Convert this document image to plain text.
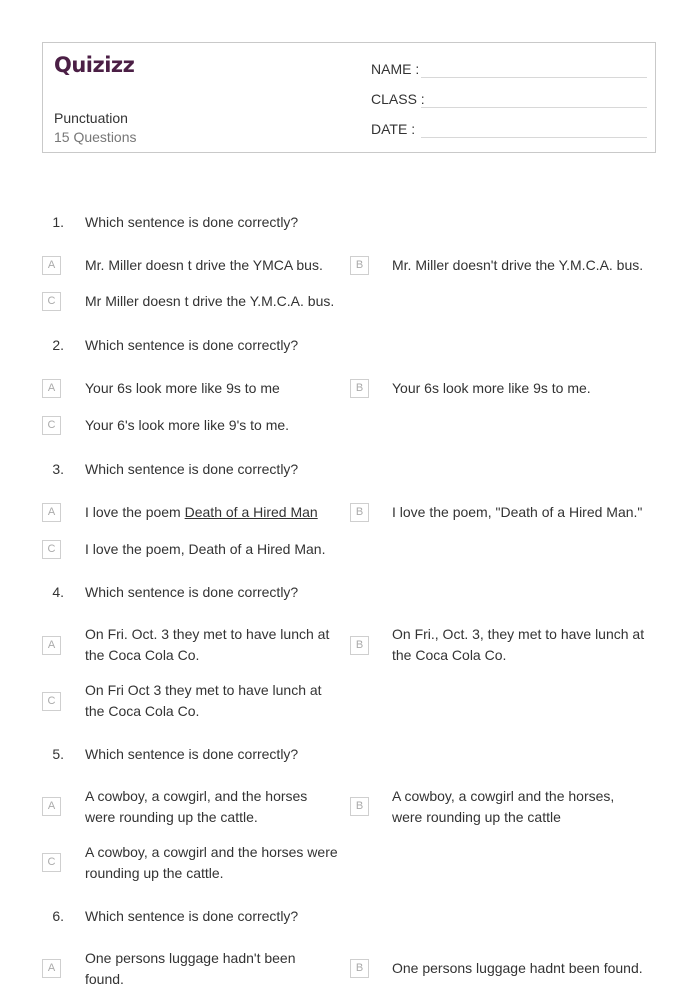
Quizizz
Punctuation
15 Questions
NAME :
CLASS :
DATE :
1. Which sentence is done correctly?
A	Mr. Miller doesn t drive the YMCA bus.	B	Mr. Miller doesn't drive the Y.M.C.A. bus.
C	Mr Miller doesn t drive the Y.M.C.A. bus.
2. Which sentence is done correctly?
A	Your 6s look more like 9s to me	B	Your 6s look more like 9s to me.
C	Your 6's look more like 9's to me.
3. Which sentence is done correctly?
A	I love the poem Death of a Hired Man	B	I love the poem, "Death of a Hired Man."
C	I love the poem, Death of a Hired Man.
4. Which sentence is done correctly?
A
On Fri. Oct. 3 they met to have lunch at the Coca Cola Co.
B
On Fri., Oct. 3, they met to have lunch at the Coca Cola Co.
C
On Fri Oct 3 they met to have lunch at the Coca Cola Co.
5. Which sentence is done correctly?
A
A cowboy, a cowgirl, and the horses were rounding up the cattle.
B
A cowboy, a cowgirl and the horses, were rounding up the cattle
C
A cowboy, a cowgirl and the horses were rounding up the cattle.
6. Which sentence is done correctly?
A
One persons luggage hadn't been found.
B	One persons luggage hadnt been found.
